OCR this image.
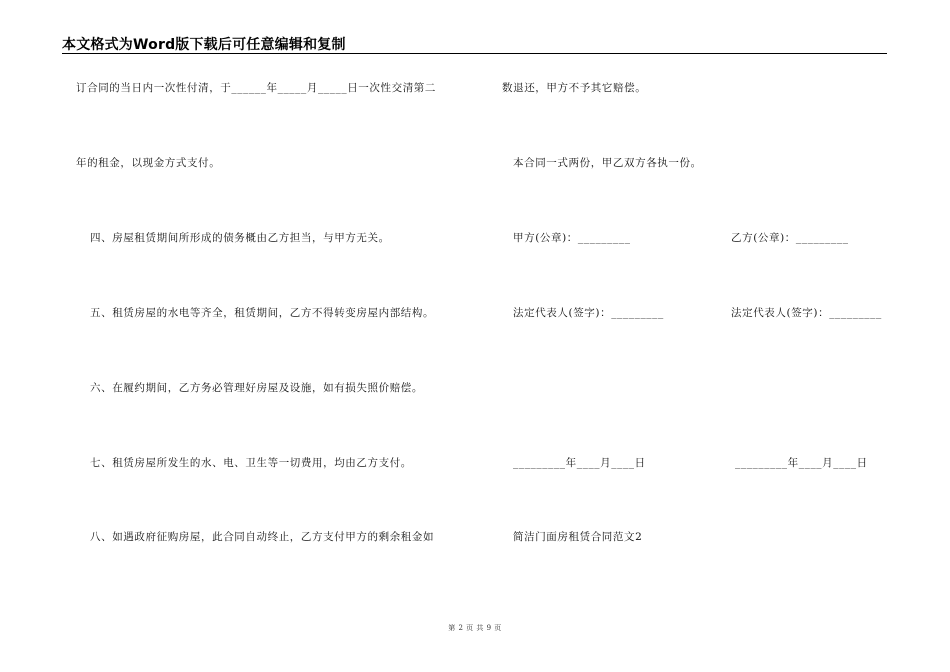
本文格式为Word版下载后可任意编辑和复制
订合同的当日内一次性付清，于______年_____月_____日一次性交清第二
年的租金，以现金方式支付。
四、房屋租赁期间所形成的债务概由乙方担当，与甲方无关。
五、租赁房屋的水电等齐全，租赁期间，乙方不得转变房屋内部结构。
六、在履约期间，乙方务必管理好房屋及设施，如有损失照价赔偿。
七、租赁房屋所发生的水、电、卫生等一切费用，均由乙方支付。
八、如遇政府征购房屋，此合同自动终止，乙方支付甲方的剩余租金如
数退还，甲方不予其它赔偿。
本合同一式两份，甲乙双方各执一份。
甲方(公章)：_________	乙方(公章)：_________
法定代表人(签字)：_________	法定代表人(签字)：_________
_________年____月____日	_________年____月____日
简洁门面房租赁合同范文2
第 2 页 共 9 页
